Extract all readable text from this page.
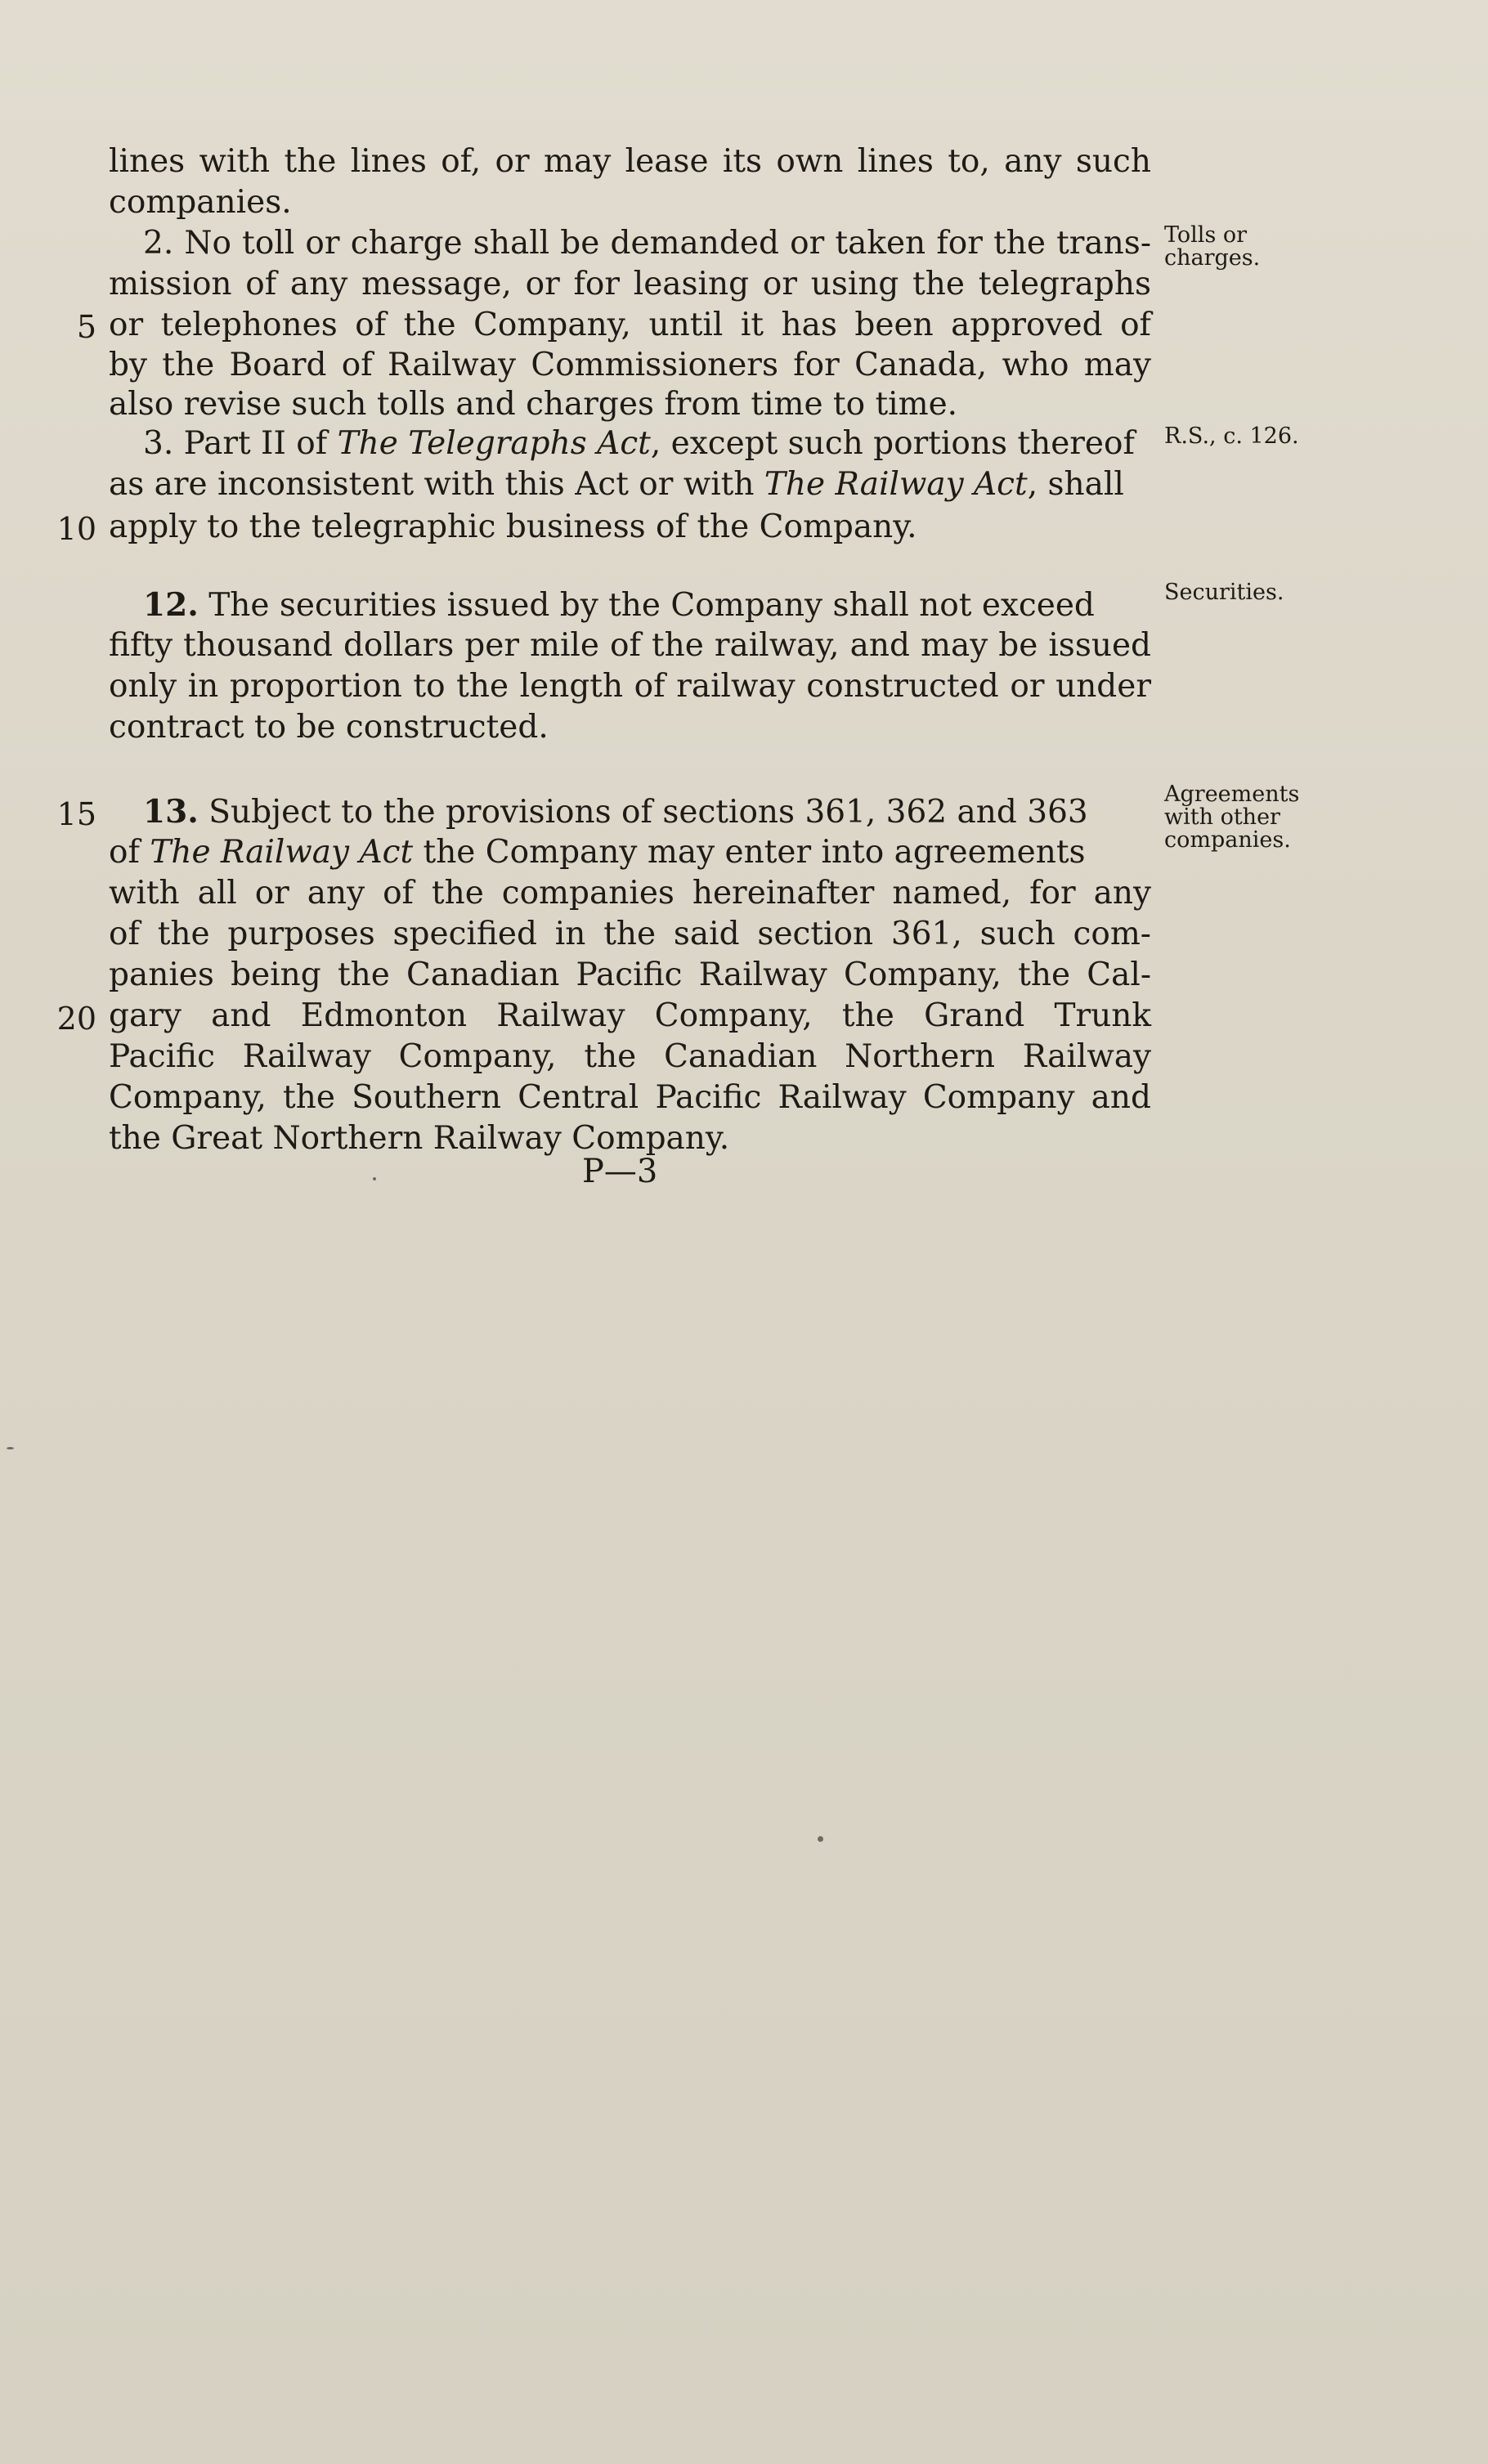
5
10
15
20
lines with the lines of, or may lease its own lines to, any such
companies.
2. No toll or charge shall be demanded or taken for the trans-
mission of any message, or for leasing or using the telegraphs
or telephones of the Company, until it has been approved of
by the Board of Railway Commissioners for Canada, who may
also revise such tolls and charges from time to time.
3. Part II of The Telegraphs Act, except such portions thereof
as are inconsistent with this Act or with The Railway Act, shall
apply to the telegraphic business of the Company.
12. The securities issued by the Company shall not exceed
fifty thousand dollars per mile of the railway, and may be issued
only in proportion to the length of railway constructed or under
contract to be constructed.
13. Subject to the provisions of sections 361, 362 and 363
of The Railway Act the Company may enter into agreements
with all or any of the companies hereinafter named, for any
of the purposes specified in the said section 361, such com-
panies being the Canadian Pacific Railway Company, the Cal-
gary and Edmonton Railway Company, the Grand Trunk
Pacific Railway Company, the Canadian Northern Railway
Company, the Southern Central Pacific Railway Company and
the Great Northern Railway Company.
Tolls or
charges.
R.S., c. 126.
Securities.
Agreements
with other
companies.
P—3
